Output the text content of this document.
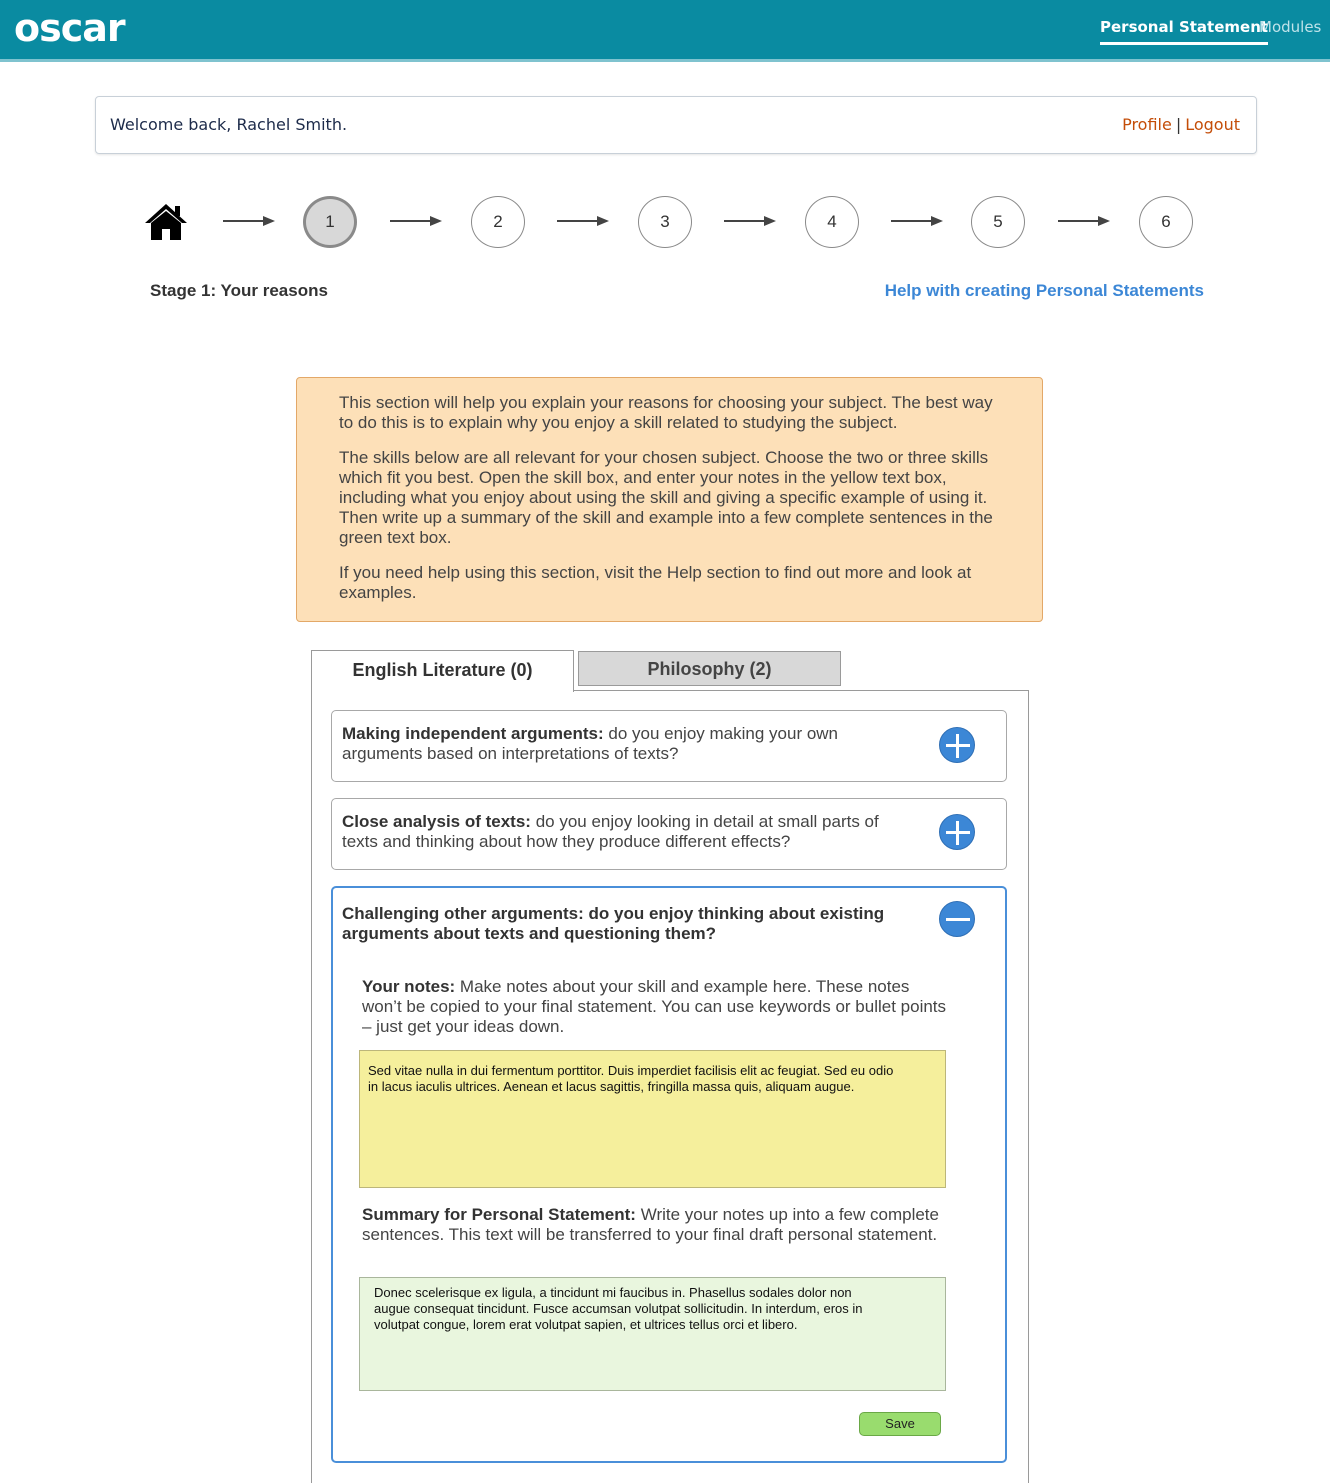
oscar	Personal Statement
Modules
Welcome back, Rachel Smith.	Profile | Logout
1	2	3	4	5	6
Stage 1: Your reasons	Help with creating Personal Statements

This section will help you explain your reasons for choosing your subject. The best way to do this is to explain why you enjoy a skill related to studying the subject.

The skills below are all relevant for your chosen subject. Choose the two or three skills which fit you best. Open the skill box, and enter your notes in the yellow text box, including what you enjoy about using the skill and giving a specific example of using it. Then write up a summary of the skill and example into a few complete sentences in the green text box.

If you need help using this section, visit the Help section to find out more and look at examples.

English Literature (0)	Philosophy (2)
Making independent arguments: do you enjoy making your own arguments based on interpretations of texts?
Close analysis of texts: do you enjoy looking in detail at small parts of texts and thinking about how they produce different effects?
Challenging other arguments: do you enjoy thinking about existing arguments about texts and questioning them?
Your notes: Make notes about your skill and example here. These notes won’t be copied to your final statement. You can use keywords or bullet points – just get your ideas down.
Sed vitae nulla in dui fermentum porttitor. Duis imperdiet facilisis elit ac feugiat. Sed eu odio in lacus iaculis ultrices. Aenean et lacus sagittis, fringilla massa quis, aliquam augue.
Summary for Personal Statement: Write your notes up into a few complete sentences. This text will be transferred to your final draft personal statement.
Donec scelerisque ex ligula, a tincidunt mi faucibus in. Phasellus sodales dolor non augue consequat tincidunt. Fusce accumsan volutpat sollicitudin. In interdum, eros in volutpat congue, lorem erat volutpat sapien, et ultrices tellus orci et libero.
Save
